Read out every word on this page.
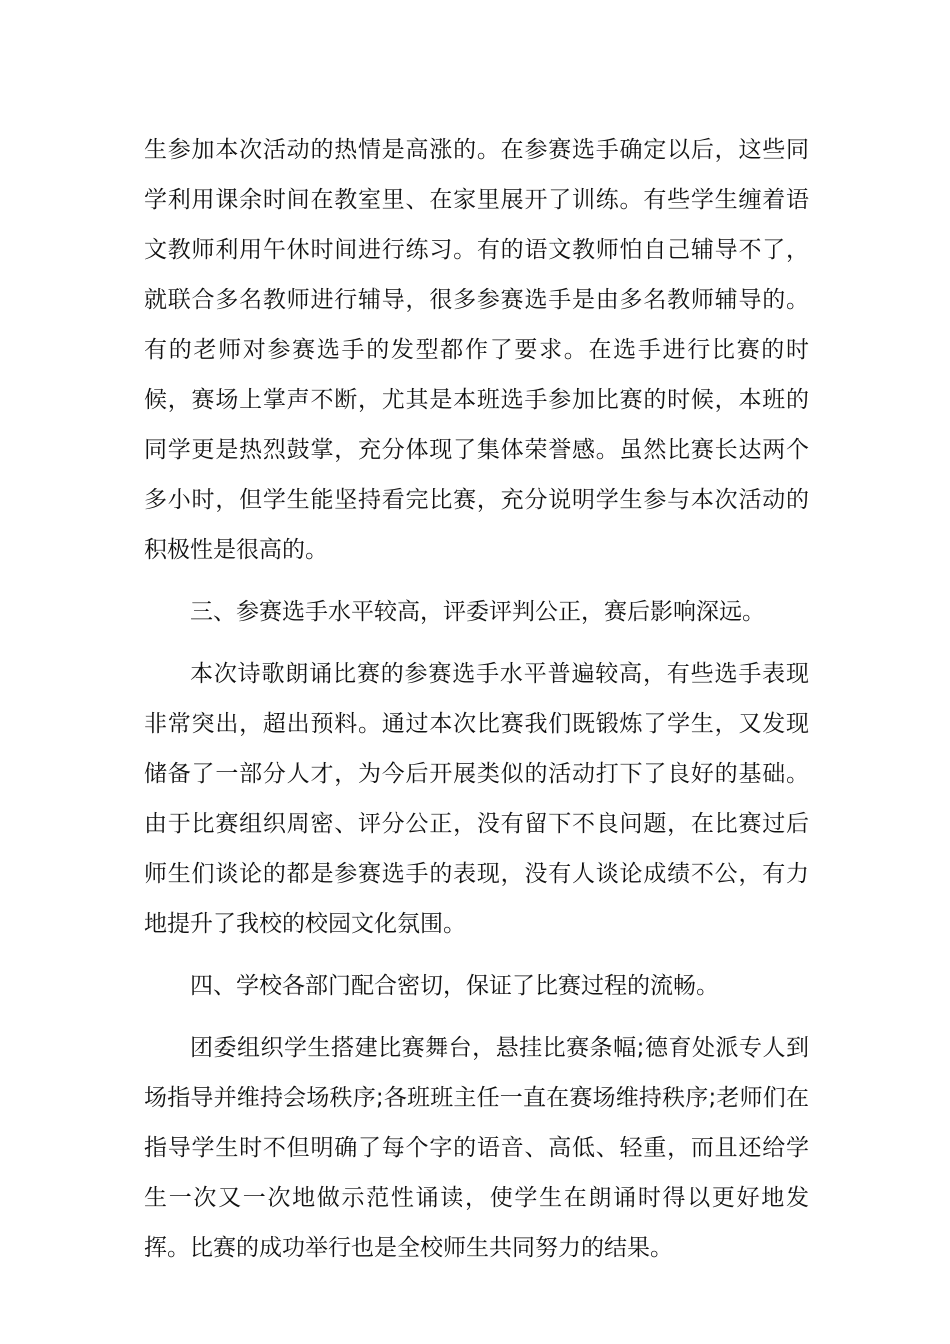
生参加本次活动的热情是高涨的。在参赛选手确定以后，这些同学利用课余时间在教室里、在家里展开了训练。有些学生缠着语文教师利用午休时间进行练习。有的语文教师怕自己辅导不了，就联合多名教师进行辅导，很多参赛选手是由多名教师辅导的。有的老师对参赛选手的发型都作了要求。在选手进行比赛的时候，赛场上掌声不断，尤其是本班选手参加比赛的时候，本班的同学更是热烈鼓掌，充分体现了集体荣誉感。虽然比赛长达两个多小时，但学生能坚持看完比赛，充分说明学生参与本次活动的积极性是很高的。

三、参赛选手水平较高，评委评判公正，赛后影响深远。

本次诗歌朗诵比赛的参赛选手水平普遍较高，有些选手表现非常突出，超出预料。通过本次比赛我们既锻炼了学生，又发现储备了一部分人才，为今后开展类似的活动打下了良好的基础。由于比赛组织周密、评分公正，没有留下不良问题，在比赛过后师生们谈论的都是参赛选手的表现，没有人谈论成绩不公，有力地提升了我校的校园文化氛围。

四、学校各部门配合密切，保证了比赛过程的流畅。

团委组织学生搭建比赛舞台，悬挂比赛条幅;德育处派专人到场指导并维持会场秩序;各班班主任一直在赛场维持秩序;老师们在指导学生时不但明确了每个字的语音、高低、轻重，而且还给学生一次又一次地做示范性诵读，使学生在朗诵时得以更好地发挥。比赛的成功举行也是全校师生共同努力的结果。
